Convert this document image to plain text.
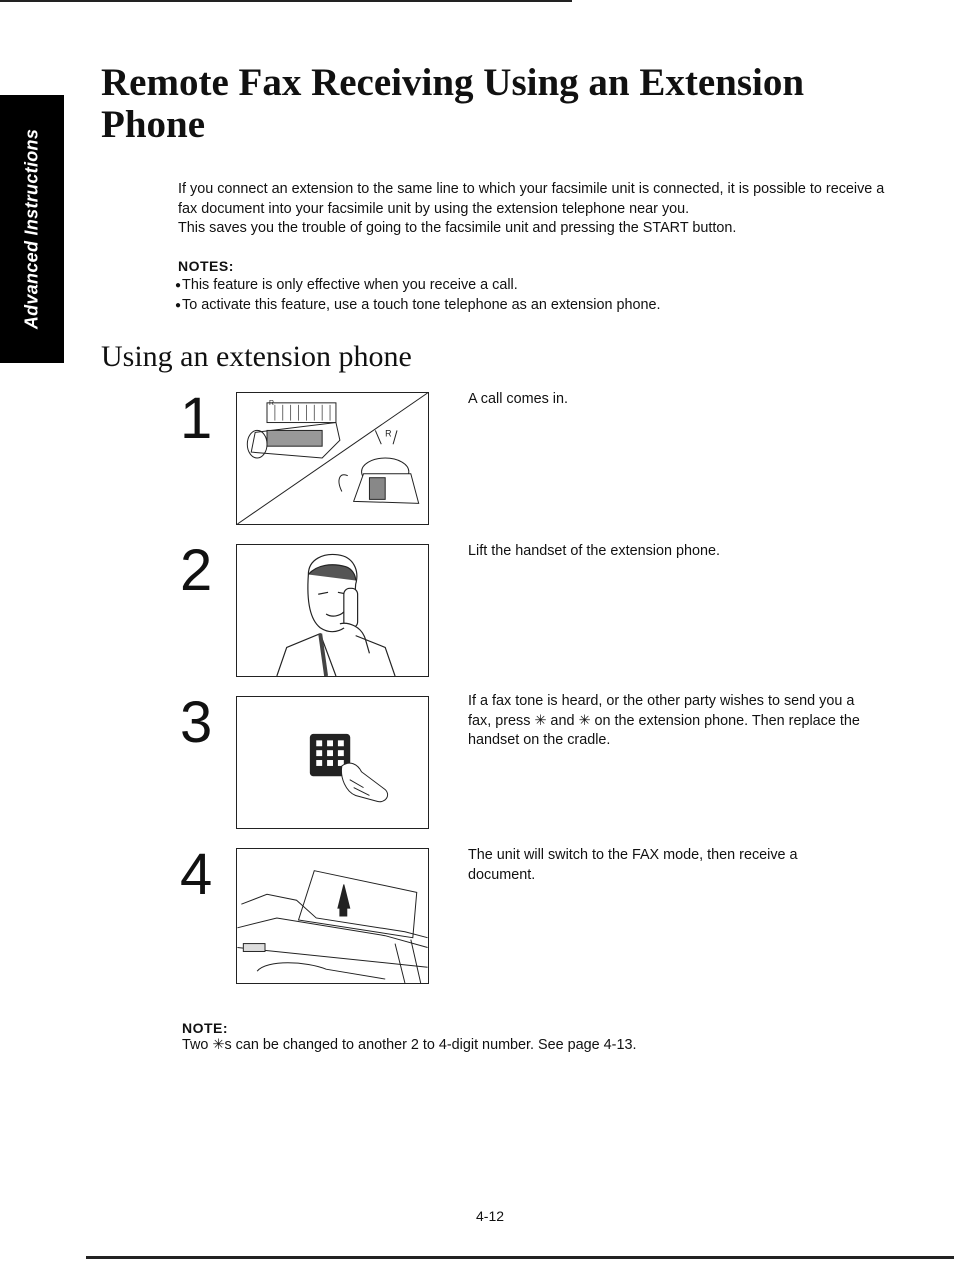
Advanced Instructions
Remote Fax Receiving Using an Extension Phone

If you connect an extension to the same line to which your facsimile unit is connected, it is possible to receive a fax document into your facsimile unit by using the extension telephone near you.

This saves you the trouble of going to the facsimile unit and pressing the START button.

NOTES:
●This feature is only effective when you receive a call.
●To activate this feature, use a touch tone telephone as an extension phone.
Using an extension phone
1	R
R
A call comes in.
2	Lift the handset of the extension phone.
3	If a fax tone is heard, or the other party wishes to send you a fax, press ✳ and ✳ on the extension phone. Then replace the handset on the cradle.
4	The unit will switch to the FAX mode, then receive a document.
NOTE:
Two ✳s can be changed to another 2 to 4-digit number. See page 4-13.
4-12
